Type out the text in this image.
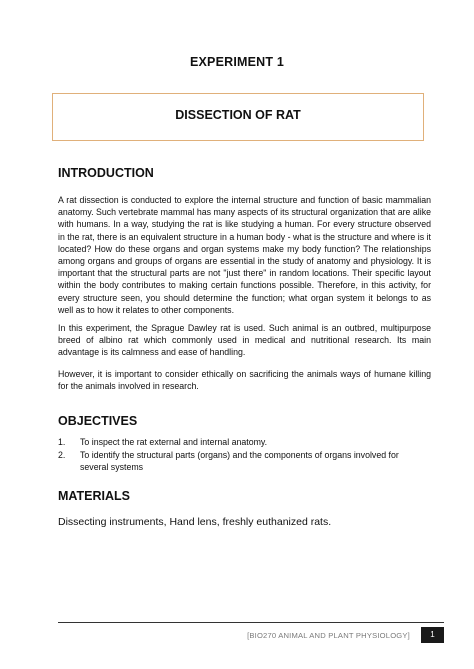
EXPERIMENT 1
DISSECTION OF RAT
INTRODUCTION
A rat dissection is conducted to explore the internal structure and function of basic mammalian anatomy. Such vertebrate mammal has many aspects of its structural organization that are alike with humans. In a way, studying the rat is like studying a human. For every structure observed in the rat, there is an equivalent structure in a human body - what is the structure and where is it located? How do these organs and organ systems make my body function? The relationships among organs and groups of organs are essential in the study of anatomy and physiology. It is important that the structural parts are not "just there" in random locations. Their specific layout within the body contributes to making certain functions possible. Therefore, in this activity, for every structure seen, you should determine the function; what organ system it belongs to as well as to how it relates to other components.
In this experiment, the Sprague Dawley rat is used. Such animal is an outbred, multipurpose breed of albino rat which commonly used in medical and nutritional research. Its main advantage is its calmness and ease of handling.
However, it is important to consider ethically on sacrificing the animals ways of humane killing for the animals involved in research.
OBJECTIVES
1. To inspect the rat external and internal anatomy.
2. To identify the structural parts (organs) and the components of organs involved for several systems
MATERIALS
Dissecting instruments, Hand lens, freshly euthanized rats.
[BIO270 ANIMAL AND PLANT PHYSIOLOGY]	1
